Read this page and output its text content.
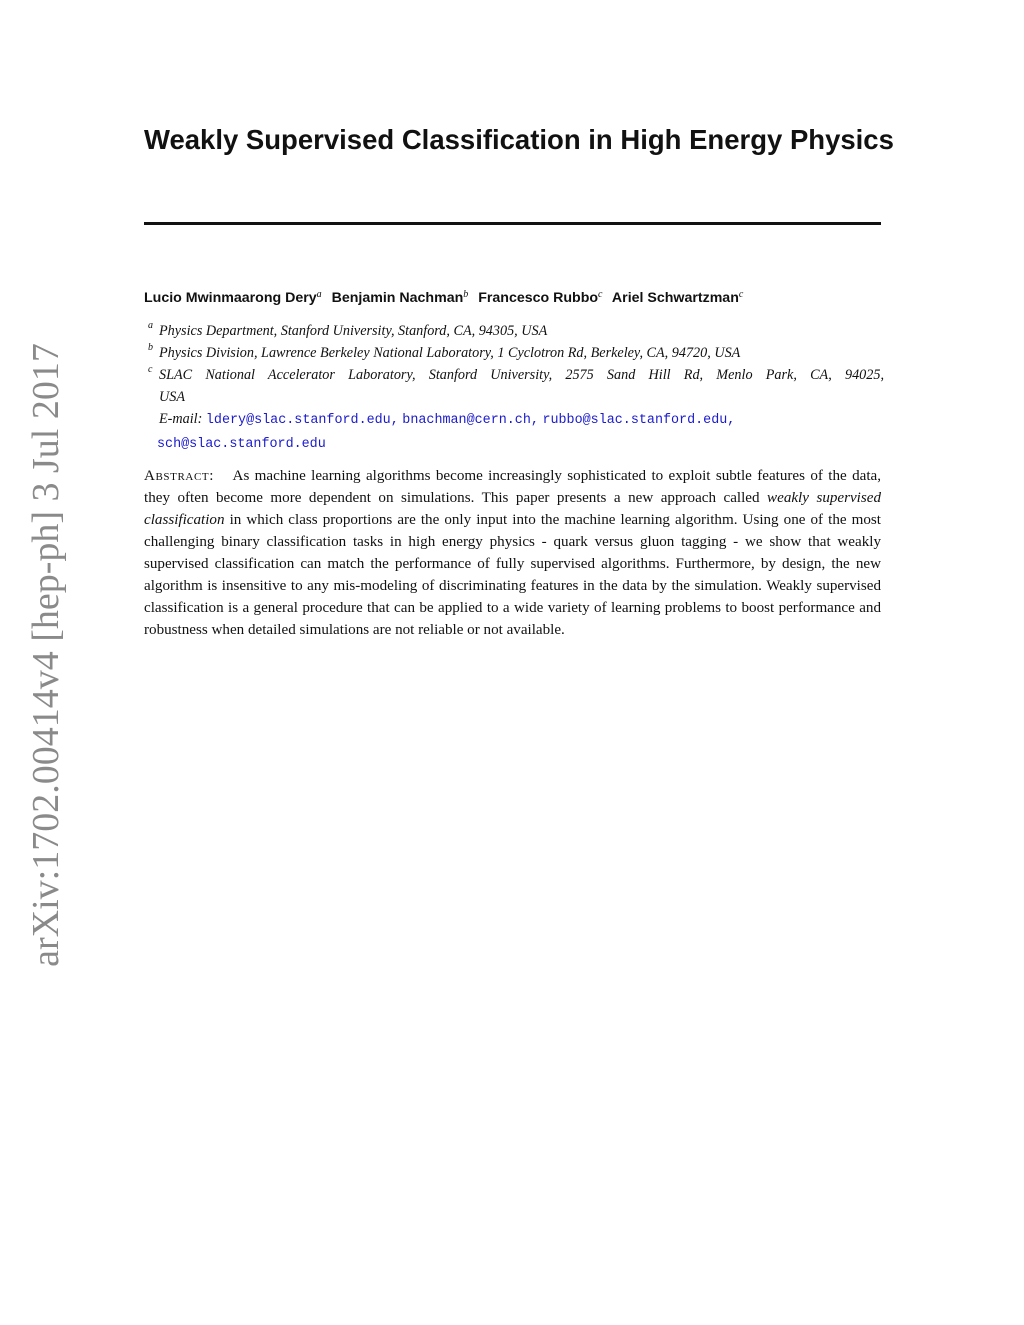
arXiv:1702.00414v4 [hep-ph] 3 Jul 2017
Weakly Supervised Classification in High Energy Physics
Lucio Mwinmaarong Dery$^a$ Benjamin Nachman$^b$ Francesco Rubbo$^c$ Ariel Schwartzman$^c$
a Physics Department, Stanford University, Stanford, CA, 94305, USA
b Physics Division, Lawrence Berkeley National Laboratory, 1 Cyclotron Rd, Berkeley, CA, 94720, USA
c SLAC National Accelerator Laboratory, Stanford University, 2575 Sand Hill Rd, Menlo Park, CA, 94025,
USA
E-mail: ldery@slac.stanford.edu, bnachman@cern.ch, rubbo@slac.stanford.edu,
sch@slac.stanford.edu
Abstract: As machine learning algorithms become increasingly sophisticated to exploit subtle features of the data, they often become more dependent on simulations. This paper presents a new approach called weakly supervised classification in which class proportions are the only input into the machine learning algorithm. Using one of the most challenging binary classification tasks in high energy physics - quark versus gluon tagging - we show that weakly supervised classification can match the performance of fully supervised algorithms. Furthermore, by design, the new algorithm is insensitive to any mis-modeling of discriminating features in the data by the simulation. Weakly supervised classification is a general procedure that can be applied to a wide variety of learning problems to boost performance and robustness when detailed simulations are not reliable or not available.
